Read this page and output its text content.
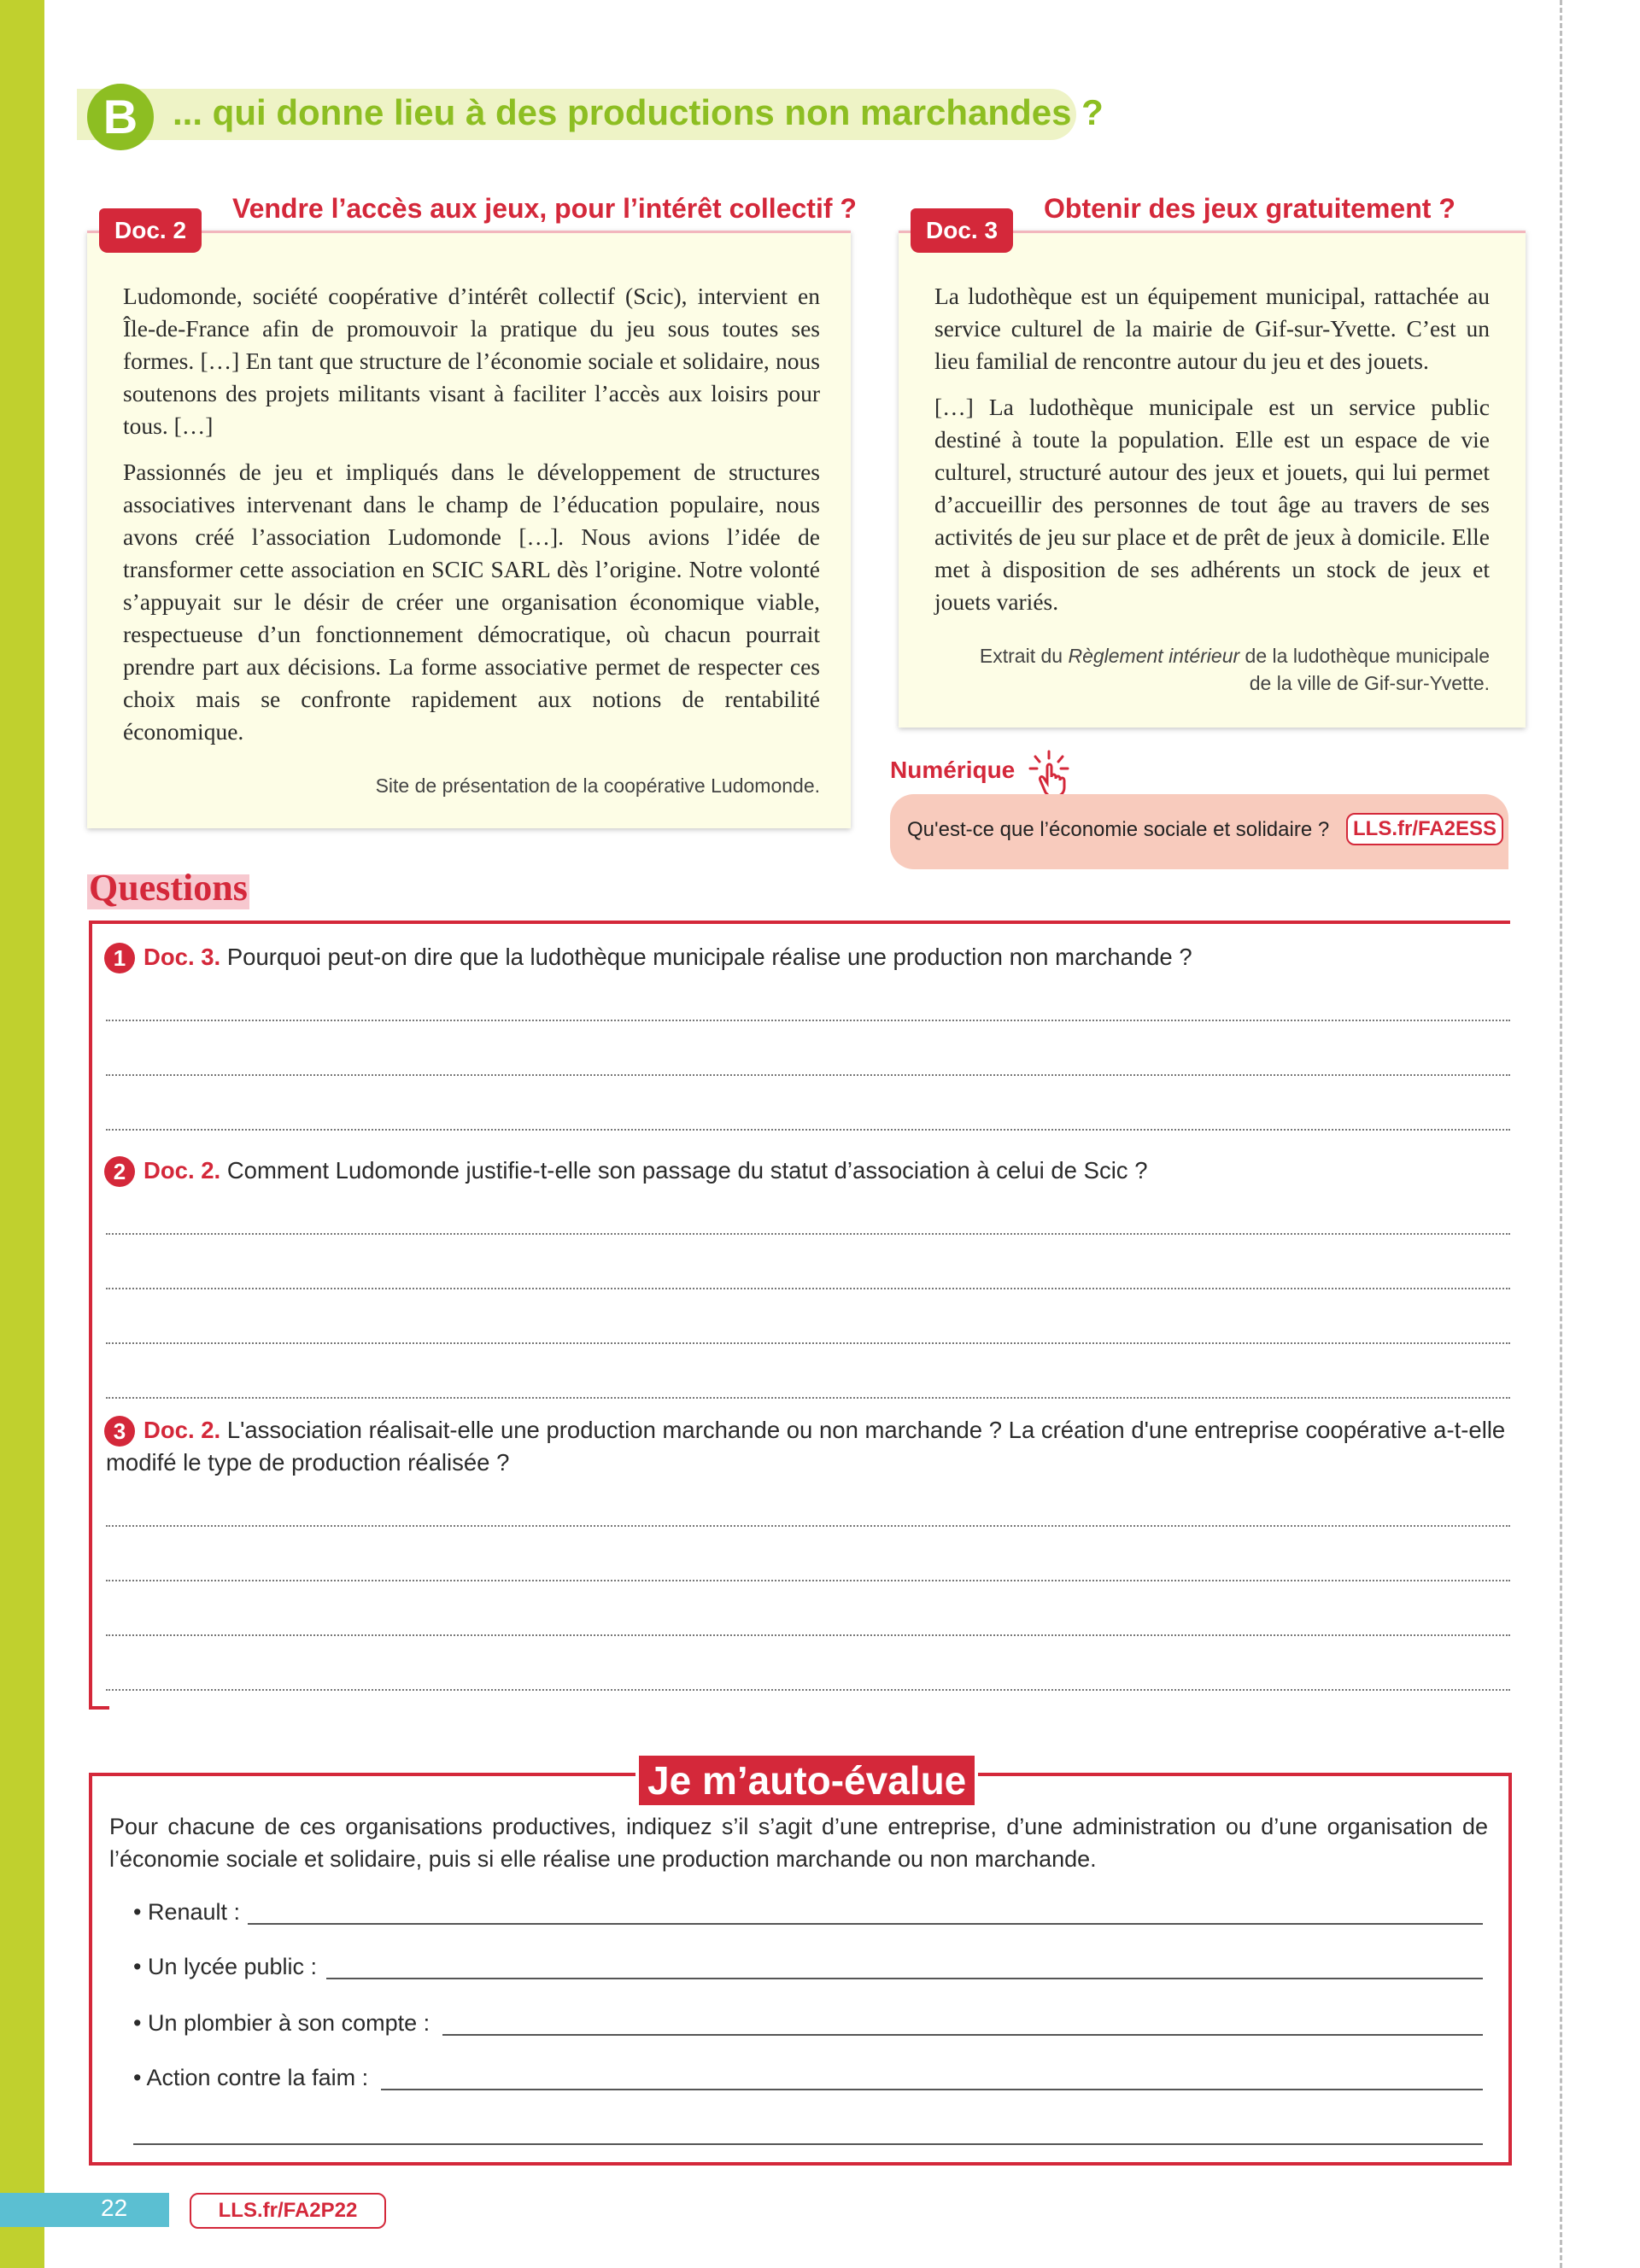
B ... qui donne lieu à des productions non marchandes ?
Doc. 2
Vendre l’accès aux jeux, pour l’intérêt collectif ?

Ludomonde, société coopérative d’intérêt collectif (Scic), intervient en Île-de-France afin de promouvoir la pratique du jeu sous toutes ses formes. […] En tant que structure de l’économie sociale et solidaire, nous soutenons des projets militants visant à faciliter l’accès aux loisirs pour tous. […]

Passionnés de jeu et impliqués dans le développement de structures associatives intervenant dans le champ de l’éducation populaire, nous avons créé l’association Ludomonde […]. Nous avions l’idée de transformer cette association en SCIC SARL dès l’origine. Notre volonté s’appuyait sur le désir de créer une organisation économique viable, respectueuse d’un fonctionnement démocratique, où chacun pourrait prendre part aux décisions. La forme associative permet de respecter ces choix mais se confronte rapidement aux notions de rentabilité économique.

Site de présentation de la coopérative Ludomonde.
Doc. 3
Obtenir des jeux gratuitement ?

La ludothèque est un équipement municipal, rattachée au service culturel de la mairie de Gif-sur-Yvette. C’est un lieu familial de rencontre autour du jeu et des jouets.

[…] La ludothèque municipale est un service public destiné à toute la population. Elle est un espace de vie culturel, structuré autour des jeux et jouets, qui lui permet d’accueillir des personnes de tout âge au travers de ses activités de jeu sur place et de prêt de jeux à domicile. Elle met à disposition de ses adhérents un stock de jeux et jouets variés.

Extrait du Règlement intérieur de la ludothèque municipale
de la ville de Gif-sur-Yvette.
Numérique
Qu'est-ce que l’économie sociale et solidaire ?	LLS.fr/FA2ESS
Questions
1 Doc. 3. Pourquoi peut-on dire que la ludothèque municipale réalise une production non marchande ?
2 Doc. 2. Comment Ludomonde justifie-t-elle son passage du statut d’association à celui de Scic ?
3 Doc. 2. L'association réalisait-elle une production marchande ou non marchande ? La création d'une entreprise coopérative a-t-elle modifé le type de production réalisée ?
Je m’auto-évalue
Pour chacune de ces organisations productives, indiquez s’il s’agit d’une entreprise, d’une administration ou d’une organisation de l’économie sociale et solidaire, puis si elle réalise une production marchande ou non marchande.
• Renault :
• Un lycée public :
• Un plombier à son compte :
• Action contre la faim :
22	LLS.fr/FA2P22
